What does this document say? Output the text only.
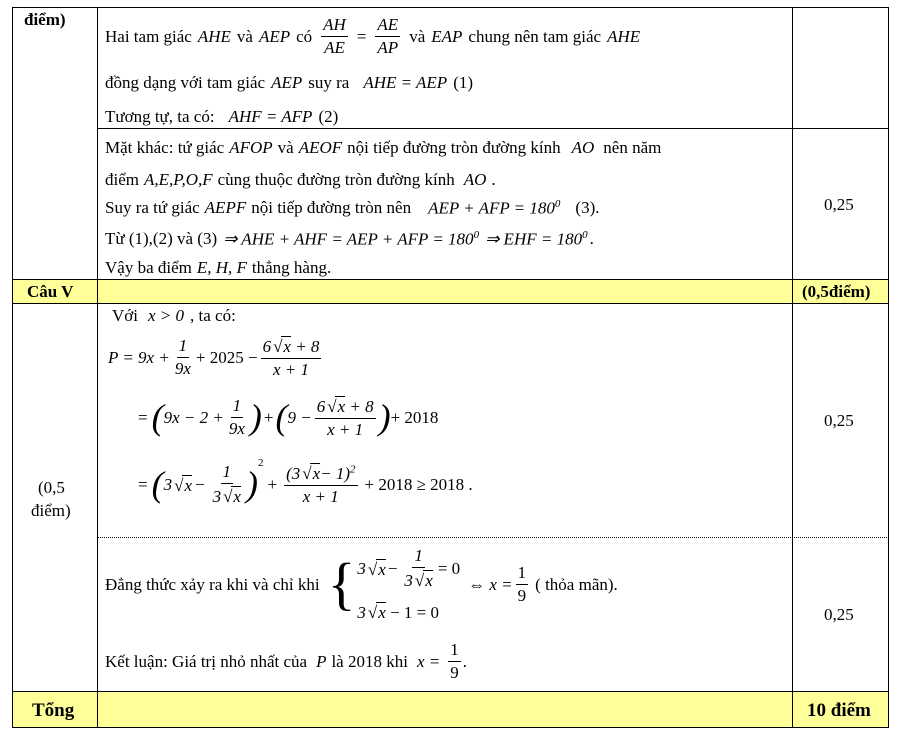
điểm)
Hai tam giác AHE và AEP có $\frac{AH}{AE} = \frac{AE}{AP}$ và EAP chung nên tam giác AHE
đồng dạng với tam giác AEP suy ra AHE = AEP (1)
Tương tự, ta có: AHF = AFP (2)
Mặt khác: tứ giác AFOP và AEOF nội tiếp đường tròn đường kính AO nên năm
điểm A,E,P,O,F cùng thuộc đường tròn đường kính AO .
Suy ra tứ giác AEPF nội tiếp đường tròn nên AEP + AFP = $180^0$ (3).
Từ (1),(2) và (3) ⇒ AHE + AHF = AEP + AFP = $180^0$ ⇒ EHF = $180^0$ .
Vậy ba điểm E, H, F thẳng hàng.
0,25
Câu V	(0,5điểm)
(0,5
điểm)
Với x > 0 , ta có:
$P = 9x + \frac{1}{9x} + 2025 - \frac{6 √ x + 8}{x + 1}$
= ( $9x - 2 + \frac{1}{9x}$ ) + ( $9 - \frac{6 √ x + 8}{x + 1}$ ) + 2018
= ( 3 √ $x - \frac{1}{3 √ x}$ )
$^2$
+ $\frac{(3 √ x- 1)^2}{x + 1} + 2018 \ge 2018$ .
0,25
Đẳng thức xảy ra khi và chỉ khi { 3 √ $x - \frac{1}{3 √ x} = 0$
3 √ x − 1 = 0
⇔ $x = \frac{1}{9}$ ( thỏa mãn).
Kết luận: Giá trị nhỏ nhất của P là 2018 khi $x = \frac{1}{9}$ .
0,25
Tổng	10 điểm
